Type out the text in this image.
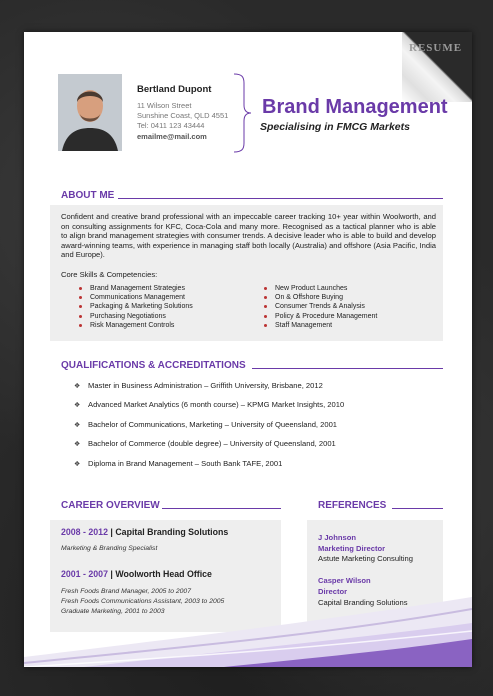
RESUME
Bertland Dupont
11 Wilson Street
Sunshine Coast, QLD 4551
Tel: 0411 123 43444
emailme@mail.com
Brand Management
Specialising in FMCG Markets
ABOUT ME
Confident and creative brand professional with an impeccable career tracking 10+ year within Woolworth, and on consulting assignments for KFC, Coca-Cola and many more. Recognised as a tactical planner who is able to align brand management strategies with consumer trends. A decisive leader who is able to build and develop award-winning teams, with experience in managing staff both locally (Australia) and offshore (Asia Pacific, India and Europe).
Core Skills & Competencies:
Brand Management Strategies
Communications Management
Packaging & Marketing Solutions
Purchasing Negotiations
Risk Management Controls
New Product Launches
On & Offshore Buying
Consumer Trends & Analysis
Policy & Procedure Management
Staff Management
QUALIFICATIONS & ACCREDITATIONS
❖ Master in Business Administration – Griffith University, Brisbane, 2012
❖ Advanced Market Analytics (6 month course) – KPMG Market Insights, 2010
❖ Bachelor of Communications, Marketing – University of Queensland, 2001
❖ Bachelor of Commerce (double degree) – University of Queensland, 2001
❖ Diploma in Brand Management – South Bank TAFE, 2001
CAREER OVERVIEW
2008 - 2012 | Capital Branding Solutions
Marketing & Branding Specialist
2001 - 2007 | Woolworth Head Office
Fresh Foods Brand Manager, 2005 to 2007
Fresh Foods Communications Assistant, 2003 to 2005
Graduate Marketing, 2001 to 2003
REFERENCES
J Johnson
Marketing Director
Astute Marketing Consulting
Casper Wilson
Director
Capital Branding Solutions
